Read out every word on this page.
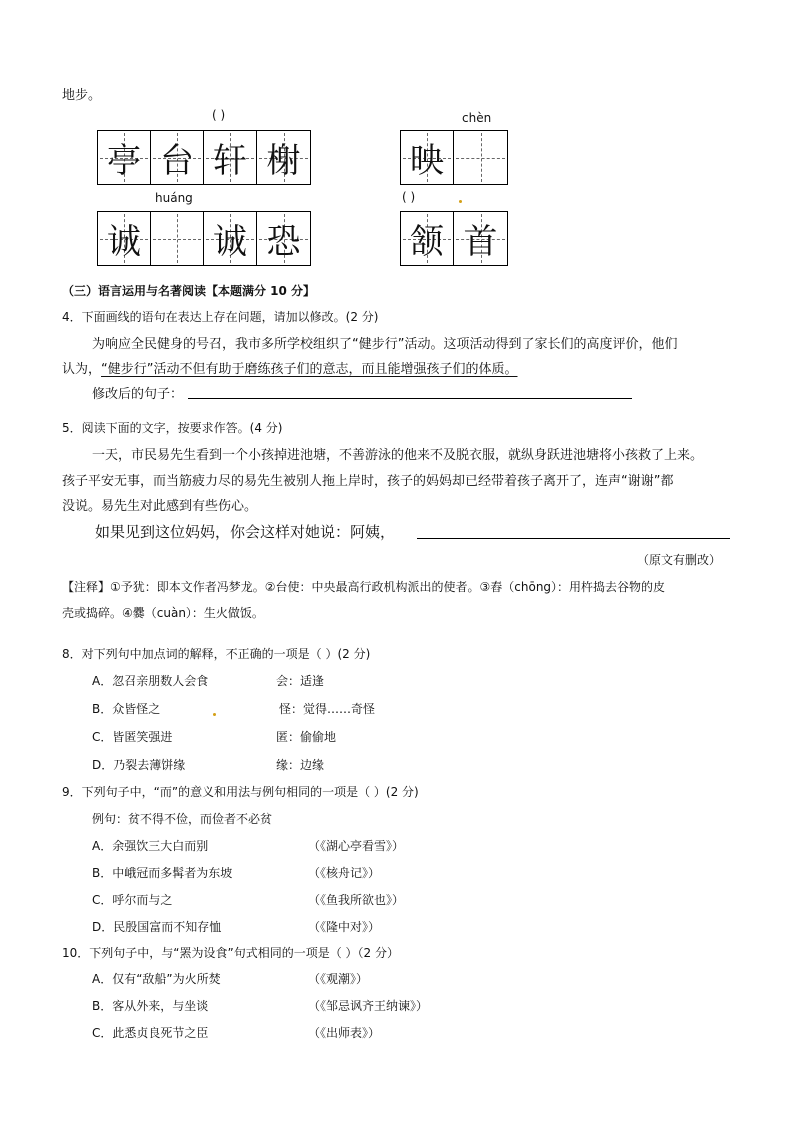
地步。
( )
亭 台 轩 榭
chèn
映
huáng
诚 诚 恐
( )
颔 首
（三）语言运用与名著阅读【本题满分 10 分】
4．下面画线的语句在表达上存在问题，请加以修改。(2 分)
为响应全民健身的号召，我市多所学校组织了“健步行”活动。这项活动得到了家长们的高度评价，他们
认为，“健步行”活动不但有助于磨练孩子们的意志，而且能增强孩子们的体质。
修改后的句子：
5．阅读下面的文字，按要求作答。(4 分)
一天，市民易先生看到一个小孩掉进池塘，不善游泳的他来不及脱衣服，就纵身跃进池塘将小孩救了上来。
孩子平安无事，而当筋疲力尽的易先生被别人拖上岸时，孩子的妈妈却已经带着孩子离开了，连声“谢谢”都
没说。易先生对此感到有些伤心。
如果见到这位妈妈，你会这样对她说：阿姨，
（原文有删改）
【注释】①予犹：即本文作者冯梦龙。②台使：中央最高行政机构派出的使者。③舂（chōng）：用杵捣去谷物的皮
壳或捣碎。④爨（cuàn）：生火做饭。
8．对下列句中加点词的解释，不正确的一项是（ ）(2 分)
A．忽召亲朋数人会食	会：适逢
B．众皆怪之	怪：觉得……奇怪
C．皆匿笑强进	匿：偷偷地
D．乃裂去薄饼缘	缘：边缘
9．下列句子中，“而”的意义和用法与例句相同的一项是（ ）(2 分)
例句：贫不得不俭，而俭者不必贫
A．余强饮三大白而别	（《湖心亭看雪》）
B．中峨冠而多髯者为东坡	（《核舟记》）
C．呼尔而与之	（《鱼我所欲也》）
D．民殷国富而不知存恤	（《隆中对》）
10．下列句子中，与“罴为设食”句式相同的一项是（ ）（2 分）
A．仅有“敌船”为火所焚	（《观潮》）
B．客从外来，与坐谈	（《邹忌讽齐王纳谏》）
C．此悉贞良死节之臣	（《出师表》）
